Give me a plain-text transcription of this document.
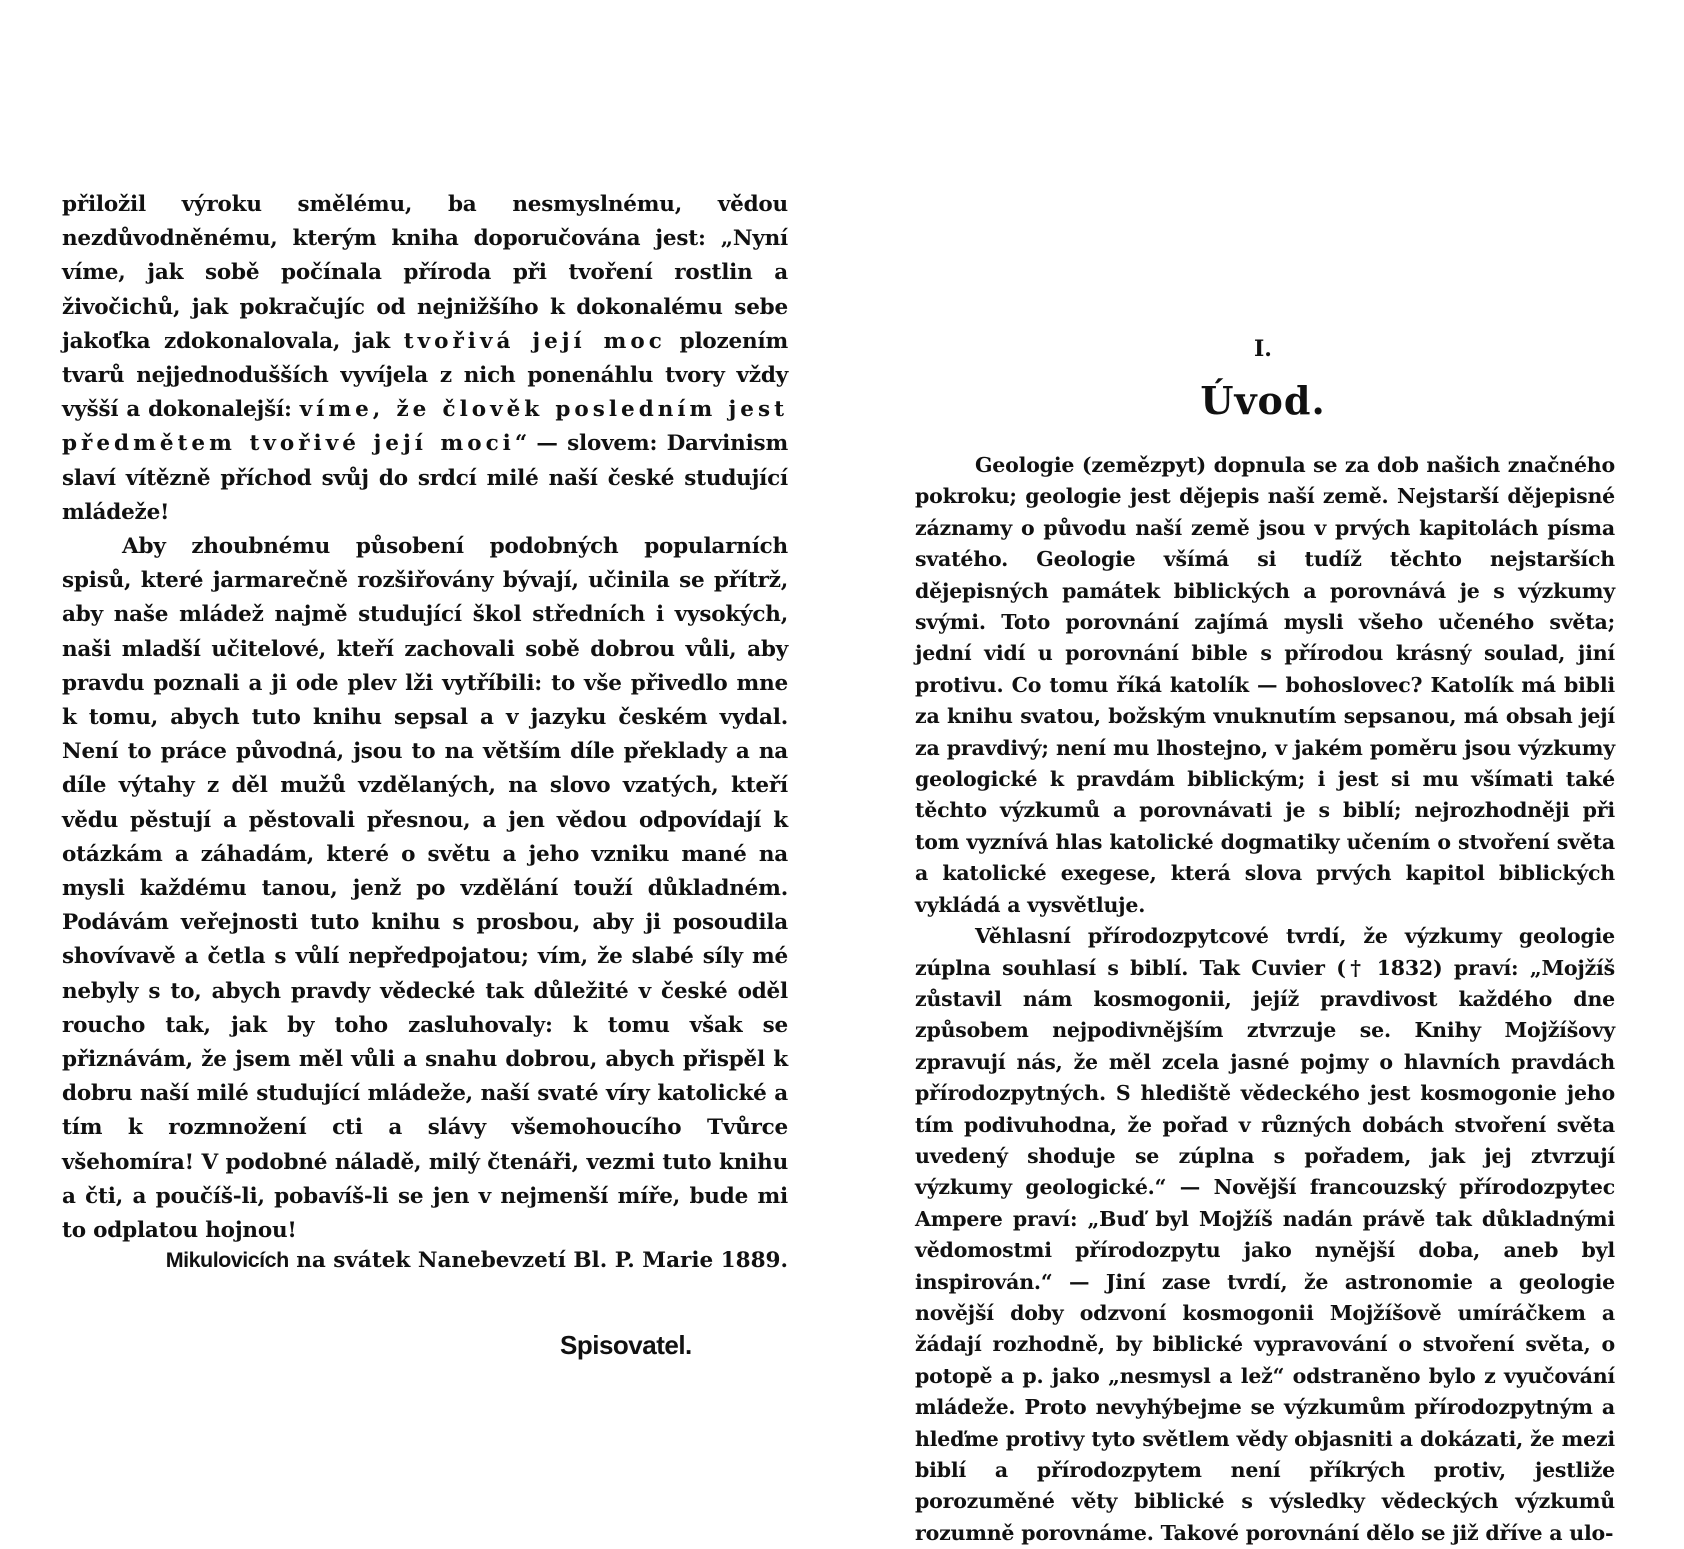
přiložil výroku smělému, ba nesmyslnému, vědou nezdůvodněnému, kterým kniha doporučována jest: „Nyní víme, jak sobě počínala příroda při tvoření rostlin a živočichů, jak pokračujíc od nejnižšího k dokonalému sebe jakoťka zdokonalovala, jak tvořivá její moc plozením tvarů nejjednodušších vyvíjela z nich ponenáhlu tvory vždy vyšší a dokonalejší: víme, že člověk posledním jest předmětem tvořivé její moci“ — slovem: Darvinism slaví vítězně příchod svůj do srdcí milé naší české studující mládeže!

Aby zhoubnému působení podobných popularních spisů, které jarmarečně rozšiřovány bývají, učinila se přítrž, aby naše mládež najmě studující škol středních i vysokých, naši mladší učitelové, kteří zachovali sobě dobrou vůli, aby pravdu poznali a ji ode plev lži vytříbili: to vše přivedlo mne k tomu, abych tuto knihu sepsal a v jazyku českém vydal. Není to práce původná, jsou to na větším díle překlady a na díle výtahy z děl mužů vzdělaných, na slovo vzatých, kteří vědu pěstují a pěstovali přesnou, a jen vědou odpovídají k otázkám a záhadám, které o světu a jeho vzniku mané na mysli každému tanou, jenž po vzdělání touží důkladném. Podávám veřejnosti tuto knihu s prosbou, aby ji posoudila shovívavě a četla s vůlí nepředpojatou; vím, že slabé síly mé nebyly s to, abych pravdy vědecké tak důležité v české oděl roucho tak, jak by toho zasluhovaly: k tomu však se přiznávám, že jsem měl vůli a snahu dobrou, abych přispěl k dobru naší milé studující mládeže, naší svaté víry katolické a tím k rozmnožení cti a slávy všemohoucího Tvůrce všehomíra! V podobné náladě, milý čtenáři, vezmi tuto knihu a čti, a poučíš-li, pobavíš-li se jen v nejmenší míře, bude mi to odplatou hojnou!

Mikulovicích na svátek Nanebevzetí Bl. P. Marie 1889.
Spisovatel.
I.
Úvod.

Geologie (zemězpyt) dopnula se za dob našich značného pokroku; geologie jest dějepis naší země. Nejstarší dějepisné záznamy o původu naší země jsou v prvých kapitolách písma svatého. Geologie všímá si tudíž těchto nejstarších dějepisných památek biblických a porovnává je s výzkumy svými. Toto porovnání zajímá mysli všeho učeného světa; jední vidí u porovnání bible s přírodou krásný soulad, jiní protivu. Co tomu říká katolík — bohoslovec? Katolík má bibli za knihu svatou, božským vnuknutím sepsanou, má obsah její za pravdivý; není mu lhostejno, v jakém poměru jsou výzkumy geologické k pravdám biblickým; i jest si mu všímati také těchto výzkumů a porovnávati je s biblí; nejrozhodněji při tom vyznívá hlas katolické dogmatiky učením o stvoření světa a katolické exegese, která slova prvých kapitol biblických vykládá a vysvětluje.

Věhlasní přírodozpytcové tvrdí, že výzkumy geologie zúplna souhlasí s biblí. Tak Cuvier († 1832) praví: „Mojžíš zůstavil nám kosmogonii, jejíž pravdivost každého dne způsobem nejpodivnějším ztvrzuje se. Knihy Mojžíšovy zpravují nás, že měl zcela jasné pojmy o hlavních pravdách přírodozpytných. S hlediště vědeckého jest kosmogonie jeho tím podivuhodna, že pořad v různých dobách stvoření světa uvedený shoduje se zúplna s pořadem, jak jej ztvrzují výzkumy geologické.“ — Novější francouzský přírodozpytec Ampere praví: „Buď byl Mojžíš nadán právě tak důkladnými vědomostmi přírodozpytu jako nynější doba, aneb byl inspirován.“ — Jiní zase tvrdí, že astronomie a geologie novější doby odzvoní kosmogonii Mojžíšově umíráčkem a žádají rozhodně, by biblické vypravování o stvoření světa, o potopě a p. jako „nesmysl a lež“ odstraněno bylo z vyučování mládeže. Proto nevyhýbejme se výzkumům přírodozpytným a hleďme protivy tyto světlem vědy objasniti a dokázati, že mezi biblí a přírodozpytem není příkrých protiv, jestliže porozuměné věty biblické s výsledky vědeckých výzkumů rozumně porovnáme. Takové porovnání dělo se již dříve a ulo-
